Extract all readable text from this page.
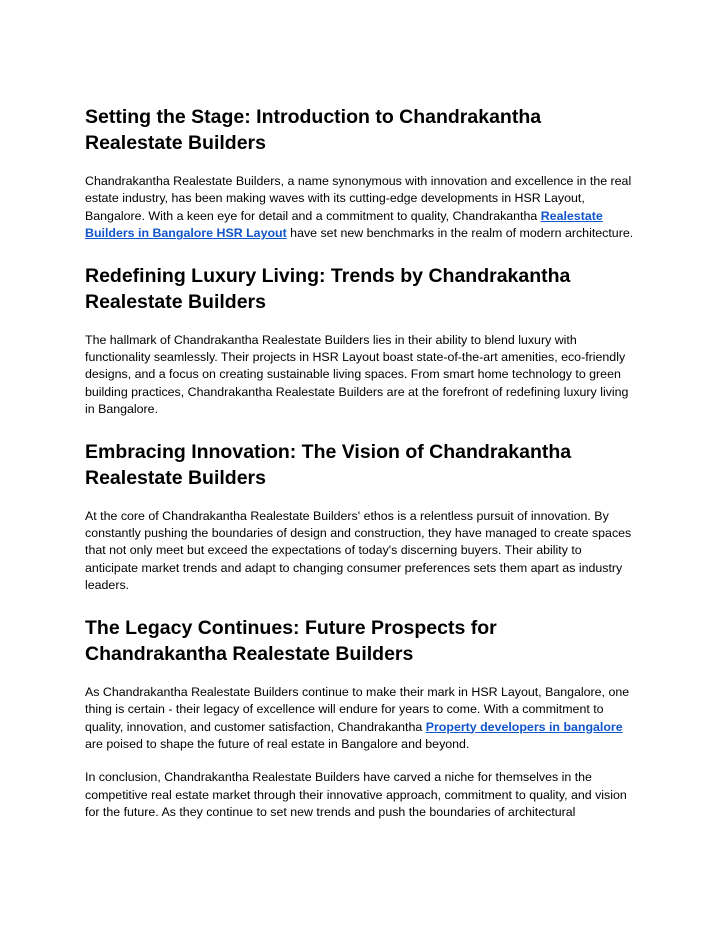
Setting the Stage: Introduction to Chandrakantha Realestate Builders

Chandrakantha Realestate Builders, a name synonymous with innovation and excellence in the real estate industry, has been making waves with its cutting-edge developments in HSR Layout, Bangalore. With a keen eye for detail and a commitment to quality, Chandrakantha Realestate Builders in Bangalore HSR Layout have set new benchmarks in the realm of modern architecture.

Redefining Luxury Living: Trends by Chandrakantha Realestate Builders

The hallmark of Chandrakantha Realestate Builders lies in their ability to blend luxury with functionality seamlessly. Their projects in HSR Layout boast state-of-the-art amenities, eco-friendly designs, and a focus on creating sustainable living spaces. From smart home technology to green building practices, Chandrakantha Realestate Builders are at the forefront of redefining luxury living in Bangalore.

Embracing Innovation: The Vision of Chandrakantha Realestate Builders

At the core of Chandrakantha Realestate Builders' ethos is a relentless pursuit of innovation. By constantly pushing the boundaries of design and construction, they have managed to create spaces that not only meet but exceed the expectations of today's discerning buyers. Their ability to anticipate market trends and adapt to changing consumer preferences sets them apart as industry leaders.

The Legacy Continues: Future Prospects for Chandrakantha Realestate Builders

As Chandrakantha Realestate Builders continue to make their mark in HSR Layout, Bangalore, one thing is certain - their legacy of excellence will endure for years to come. With a commitment to quality, innovation, and customer satisfaction, Chandrakantha Property developers in bangalore are poised to shape the future of real estate in Bangalore and beyond.

In conclusion, Chandrakantha Realestate Builders have carved a niche for themselves in the competitive real estate market through their innovative approach, commitment to quality, and vision for the future. As they continue to set new trends and push the boundaries of architectural
